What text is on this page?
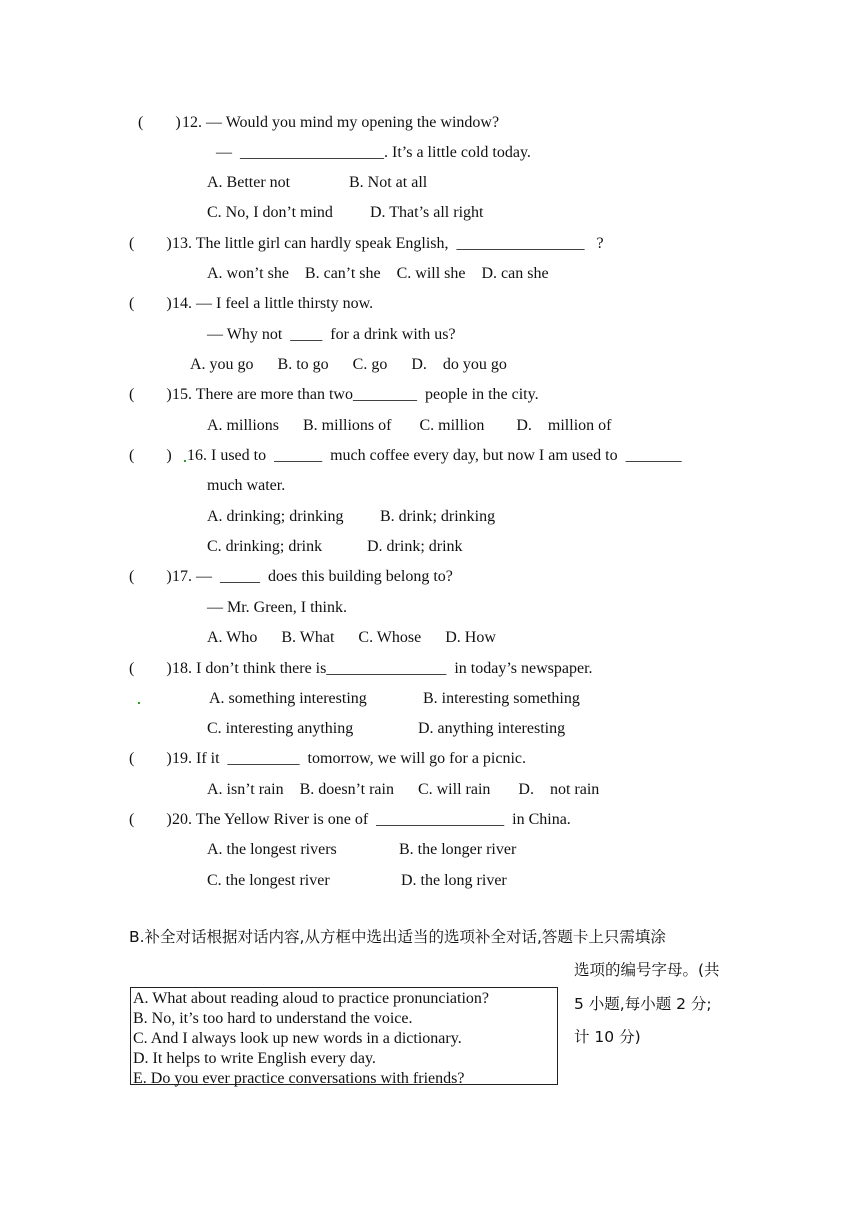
(        ) 12. — Would you mind my opening the window?
—  __________________. It’s a little cold today.
A. Better not	B. Not at all
C. No, I don’t mind D. That’s all right
(        ) 13. The little girl can hardly speak English,  ________________   ?
A. won’t she    B. can’t she    C. will she    D. can she
(        ) 14. — I feel a little thirsty now.
— Why not  ____  for a drink with us?
A. you go      B. to go      C. go      D.    do you go
(        ) 15. There are more than two________  people in the city.
A. millions      B. millions of       C. million        D.    million of
(        ) 16. I used to  ______  much coffee every day, but now I am used to  _______
much water.
A. drinking; drinking B. drink; drinking
C. drinking; drink	D. drink; drink
(        ) 17. —  _____  does this building belong to?
— Mr. Green, I think.
A. Who      B. What      C. Whose      D. How
(        ) 18. I don’t think there is_______________  in today’s newspaper.
A. something interesting	B. interesting something
C. interesting anything	D. anything interesting
(        ) 19. If it  _________  tomorrow, we will go for a picnic.
A. isn’t rain    B. doesn’t rain      C. will rain       D.    not rain
(        ) 20. The Yellow River is one of  ________________  in China.
A. the longest rivers	B. the longer river
C. the longest river	D. the long river
B.补全对话根据对话内容,从方框中选出适当的选项补全对话,答题卡上只需填涂
选项的编号字母。(共
5 小题,每小题 2 分;
计 10 分)
A. What about reading aloud to practice pronunciation?
B. No, it’s too hard to understand the voice.
C. And I always look up new words in a dictionary.
D. It helps to write English every day.
E. Do you ever practice conversations with friends?
